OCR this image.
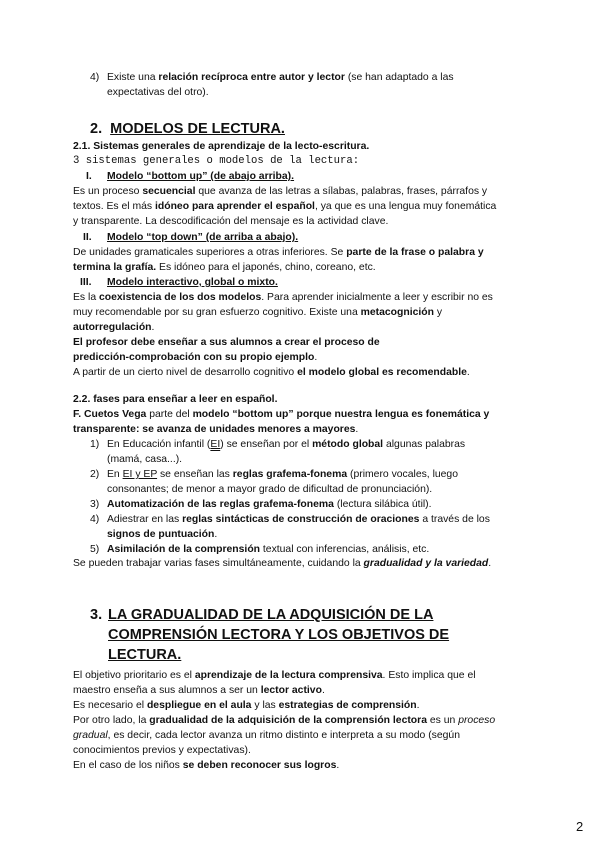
4) Existe una relación recíproca entre autor y lector (se han adaptado a las
expectativas del otro).
2. MODELOS DE LECTURA.
2.1. Sistemas generales de aprendizaje de la lecto-escritura.
3 sistemas generales o modelos de la lectura:
I. Modelo “bottom up” (de abajo arriba).
Es un proceso secuencial que avanza de las letras a sílabas, palabras, frases, párrafos y
textos. Es el más idóneo para aprender el español, ya que es una lengua muy fonemática
y transparente. La descodificación del mensaje es la actividad clave.
II. Modelo “top down” (de arriba a abajo).
De unidades gramaticales superiores a otras inferiores. Se parte de la frase o palabra y
termina la grafía. Es idóneo para el japonés, chino, coreano, etc.
III. Modelo interactivo, global o mixto.
Es la coexistencia de los dos modelos. Para aprender inicialmente a leer y escribir no es
muy recomendable por su gran esfuerzo cognitivo. Existe una metacognición y
autorregulación.
El profesor debe enseñar a sus alumnos a crear el proceso de
predicción-comprobación con su propio ejemplo.
A partir de un cierto nivel de desarrollo cognitivo el modelo global es recomendable.
2.2. fases para enseñar a leer en español.
F. Cuetos Vega parte del modelo “bottom up” porque nuestra lengua es fonemática y
transparente: se avanza de unidades menores a mayores.
1) En Educación infantil (EI) se enseñan por el método global algunas palabras
(mamá, casa...).
2) En EI y EP se enseñan las reglas grafema-fonema (primero vocales, luego
consonantes; de menor a mayor grado de dificultad de pronunciación).
3) Automatización de las reglas grafema-fonema (lectura silábica útil).
4) Adiestrar en las reglas sintácticas de construcción de oraciones a través de los
signos de puntuación.
5) Asimilación de la comprensión textual con inferencias, análisis, etc.
Se pueden trabajar varias fases simultáneamente, cuidando la gradualidad y la variedad.
3. LA GRADUALIDAD DE LA ADQUISICIÓN DE LA
COMPRENSIÓN LECTORA Y LOS OBJETIVOS DE
LECTURA.
El objetivo prioritario es el aprendizaje de la lectura comprensiva. Esto implica que el
maestro enseña a sus alumnos a ser un lector activo.
Es necesario el despliegue en el aula y las estrategias de comprensión.
Por otro lado, la gradualidad de la adquisición de la comprensión lectora es un proceso
gradual, es decir, cada lector avanza un ritmo distinto e interpreta a su modo (según
conocimientos previos y expectativas).
En el caso de los niños se deben reconocer sus logros.
2
